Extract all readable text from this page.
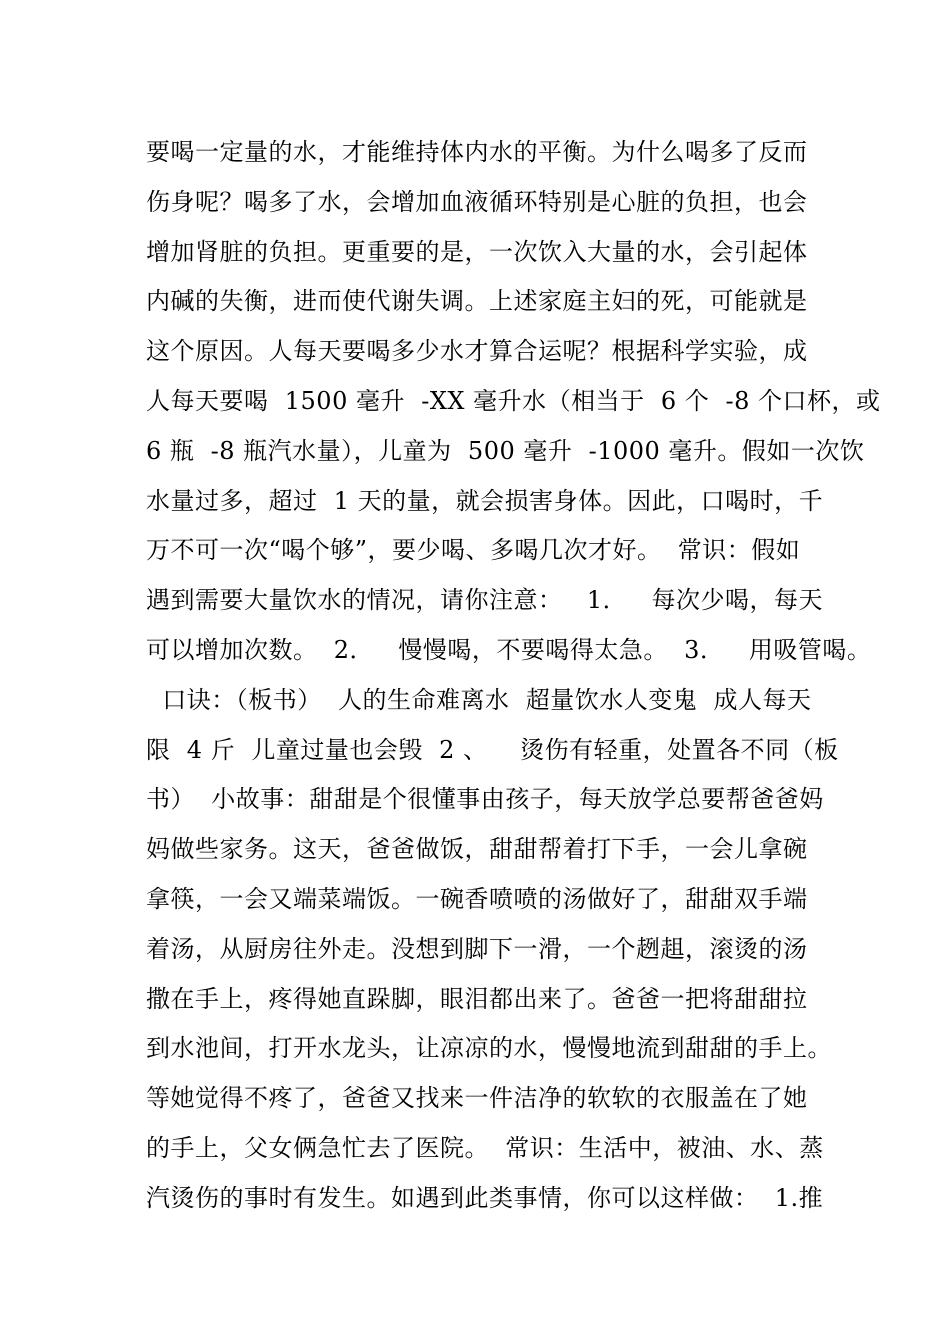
要喝一定量的水，才能维持体内水的平衡。为什么喝多了反而
伤身呢？喝多了水，会增加血液循环特别是心脏的负担，也会
增加肾脏的负担。更重要的是，一次饮入大量的水，会引起体
内碱的失衡，进而使代谢失调。上述家庭主妇的死，可能就是
这个原因。人每天要喝多少水才算合运呢？根据科学实验，成
人每天要喝  1500 毫升  -XX 毫升水（相当于  6 个  -8 个口杯，或
6 瓶  -8 瓶汽水量），儿童为  500 毫升  -1000 毫升。假如一次饮
水量过多，超过  1 天的量，就会损害身体。因此，口喝时，千
万不可一次“喝个够”，要少喝、多喝几次才好。  常识：假如
遇到需要大量饮水的情况，请你注意：   1．   每次少喝，每天
可以增加次数。  2．   慢慢喝，不要喝得太急。  3．   用吸管喝。
口诀：（板书）  人的生命难离水  超量饮水人变鬼  成人每天
限  4 斤  儿童过量也会毁  2 、    烫伤有轻重，处置各不同（板
书）  小故事：甜甜是个很懂事由孩子，每天放学总要帮爸爸妈
妈做些家务。这天，爸爸做饭，甜甜帮着打下手，一会儿拿碗
拿筷，一会又端菜端饭。一碗香喷喷的汤做好了，甜甜双手端
着汤，从厨房往外走。没想到脚下一滑，一个趔趄，滚烫的汤
撒在手上，疼得她直跺脚，眼泪都出来了。爸爸一把将甜甜拉
到水池间，打开水龙头，让凉凉的水，慢慢地流到甜甜的手上。
等她觉得不疼了，爸爸又找来一件洁净的软软的衣服盖在了她
的手上，父女俩急忙去了医院。  常识：生活中，被油、水、蒸
汽烫伤的事时有发生。如遇到此类事情，你可以这样做：  1.推
